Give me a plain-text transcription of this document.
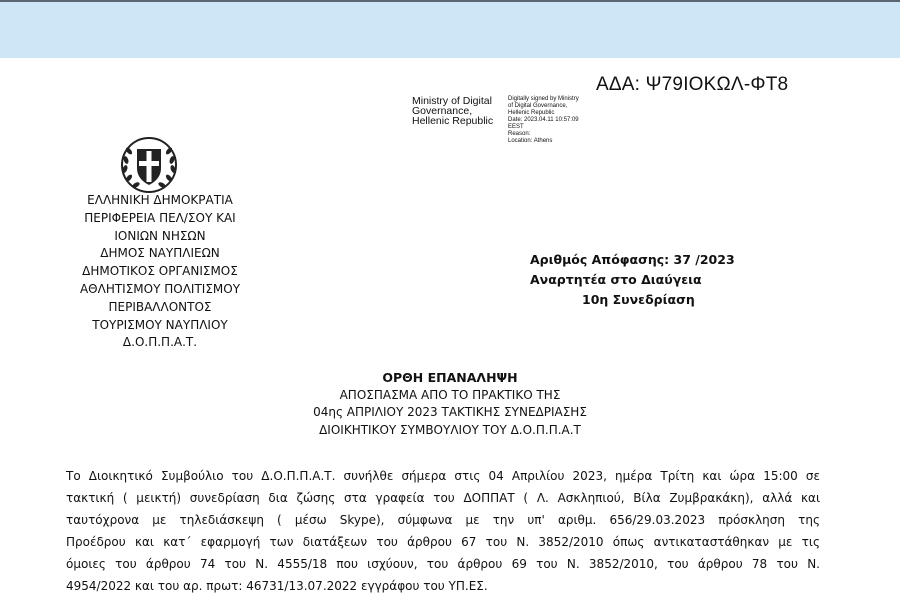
ΑΔΑ: Ψ79ΙΟΚΩΛ-ΦΤ8
Ministry of Digital
Governance,
Hellenic Republic
Digitally signed by Ministry
of Digital Governance,
Hellenic Republic
Date: 2023.04.11 10:57:09
EEST
Reason:
Location: Athens
ΕΛΛΗΝΙΚΗ ΔΗΜΟΚΡΑΤΙΑ
ΠΕΡΙΦΕΡΕΙΑ ΠΕΛ/ΣΟΥ ΚΑΙ
ΙΟΝΙΩΝ ΝΗΣΩΝ
ΔΗΜΟΣ ΝΑΥΠΛΙΕΩΝ
ΔΗΜΟΤΙΚΟΣ ΟΡΓΑΝΙΣΜΟΣ
ΑΘΛΗΤΙΣΜΟΥ ΠΟΛΙΤΙΣΜΟΥ
ΠΕΡΙΒΑΛΛΟΝΤΟΣ
ΤΟΥΡΙΣΜΟΥ ΝΑΥΠΛΙΟΥ
Δ.Ο.Π.Π.Α.Τ.
Αριθμός Απόφασης: 37 /2023
Αναρτητέα στο Διαύγεια
10η Συνεδρίαση
ΟΡΘΗ ΕΠΑΝΑΛΗΨΗ
ΑΠΟΣΠΑΣΜΑ ΑΠΟ ΤΟ ΠΡΑΚΤΙΚΟ ΤΗΣ
04ης ΑΠΡΙΛΙΟΥ 2023 ΤΑΚΤΙΚΗΣ ΣΥΝΕΔΡΙΑΣΗΣ
ΔΙΟΙΚΗΤΙΚΟΥ ΣΥΜΒΟΥΛΙΟΥ ΤΟΥ Δ.Ο.Π.Π.Α.Τ
Το Διοικητικό Συμβούλιο του Δ.Ο.Π.Π.Α.Τ. συνήλθε σήμερα στις 04 Απριλίου 2023, ημέρα Τρίτη και ώρα 15:00 σε
τακτική ( μεικτή) συνεδρίαση δια ζώσης στα γραφεία του ΔΟΠΠΑΤ ( Λ. Ασκληπιού, Βίλα Ζυμβρακάκη), αλλά και
ταυτόχρονα με τηλεδιάσκεψη ( μέσω Skype), σύμφωνα με την υπ' αριθμ. 656/29.03.2023 πρόσκληση της
Προέδρου και κατ΄ εφαρμογή των διατάξεων του άρθρου 67 του Ν. 3852/2010 όπως αντικαταστάθηκαν με τις
όμοιες του άρθρου 74 του Ν. 4555/18 που ισχύουν, του άρθρου 69 του Ν. 3852/2010, του άρθρου 78 του Ν.
4954/2022 και του αρ. πρωτ: 46731/13.07.2022 εγγράφου του ΥΠ.ΕΣ.
